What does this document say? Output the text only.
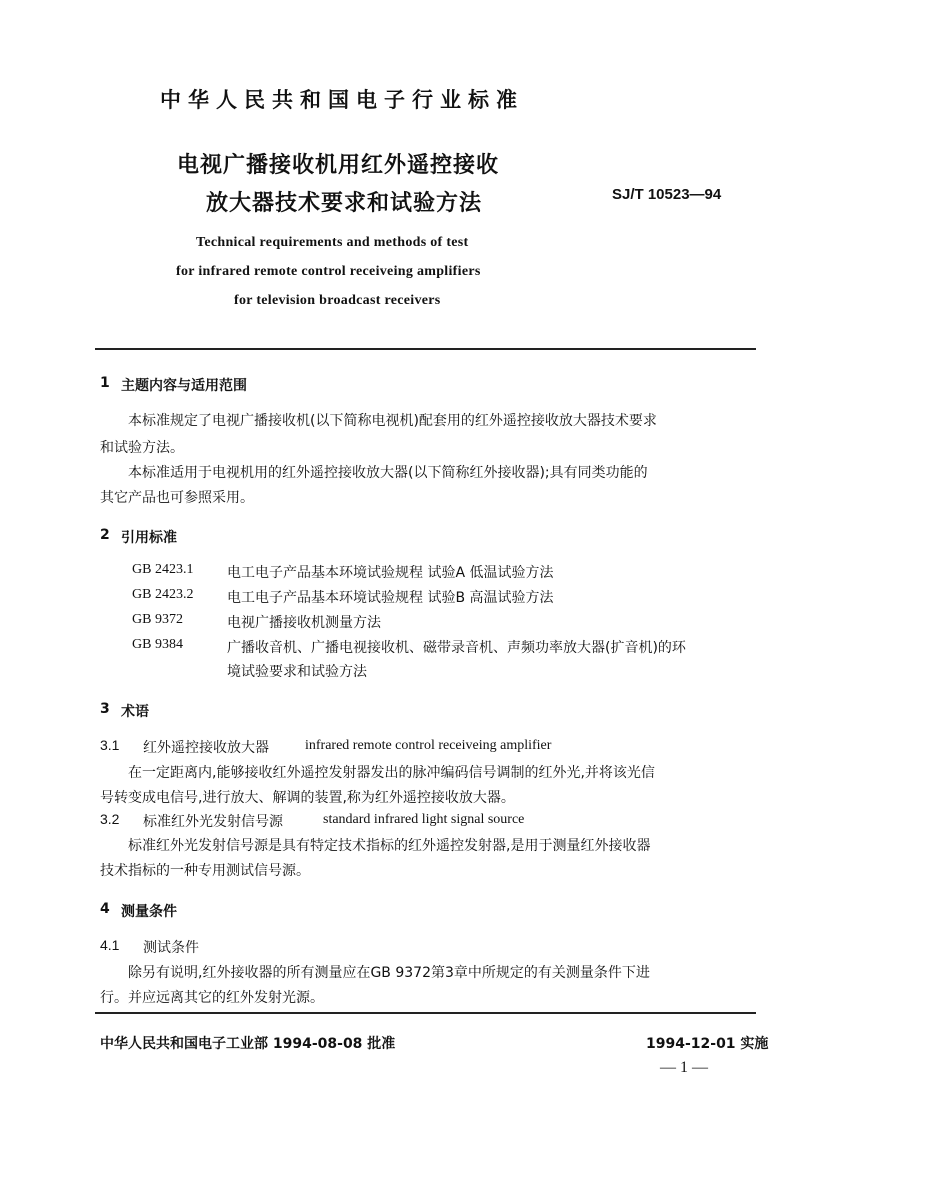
中华人民共和国电子行业标准
电视广播接收机用红外遥控接收
放大器技术要求和试验方法	SJ/T 10523—94
Technical requirements and methods of test
for infrared remote control receiveing amplifiers
for television broadcast receivers
1 主题内容与适用范围
本标准规定了电视广播接收机(以下简称电视机)配套用的红外遥控接收放大器技术要求
和试验方法。
本标准适用于电视机用的红外遥控接收放大器(以下简称红外接收器);具有同类功能的
其它产品也可参照采用。
2 引用标准
GB 2423.1 电工电子产品基本环境试验规程 试验A 低温试验方法
GB 2423.2 电工电子产品基本环境试验规程 试验B 高温试验方法
GB 9372	电视广播接收机测量方法
GB 9384	广播收音机、广播电视接收机、磁带录音机、声频功率放大器(扩音机)的环
境试验要求和试验方法
3 术语
3.1 红外遥控接收放大器	infrared remote control receiveing amplifier
在一定距离内,能够接收红外遥控发射器发出的脉冲编码信号调制的红外光,并将该光信
号转变成电信号,进行放大、解调的装置,称为红外遥控接收放大器。
3.2 标准红外光发射信号源	standard infrared light signal source
标准红外光发射信号源是具有特定技术指标的红外遥控发射器,是用于测量红外接收器
技术指标的一种专用测试信号源。
4 测量条件
4.1 测试条件
除另有说明,红外接收器的所有测量应在GB 9372第3章中所规定的有关测量条件下进
行。并应远离其它的红外发射光源。
中华人民共和国电子工业部 1994-08-08 批准	1994-12-01 实施
— 1 —
